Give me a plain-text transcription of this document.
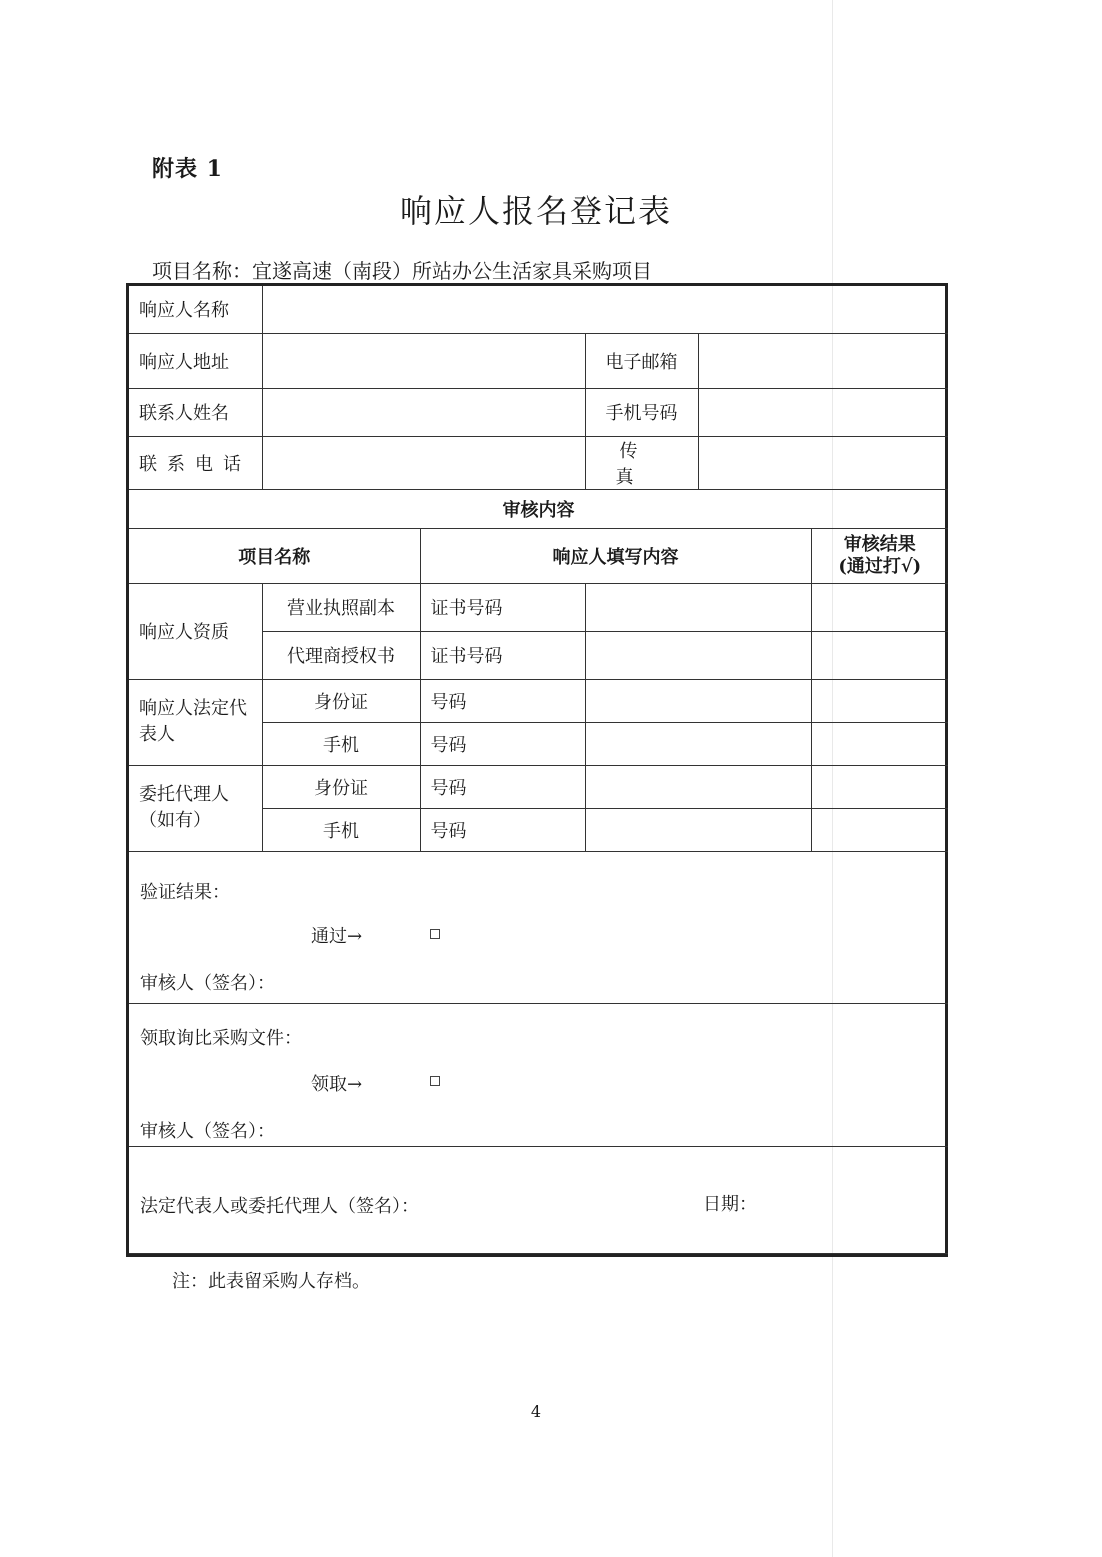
附表 1
响应人报名登记表
项目名称：宜遂高速（南段）所站办公生活家具采购项目
响应人名称					
响应人地址			电子邮箱		
联系人姓名			手机号码		
联系电话			传真		
审核内容					
项目名称		响应人填写内容			审核结果
(通过打√)

响应人资质	营业执照副本	证书号码			
	代理商授权书	证书号码			
响应人法定代表人	身份证	号码			
	手机	号码			
委托代理人（如有）	身份证	号码			
	手机	号码			

验证结果：
通过→
审核人（签名）：					

领取询比采购文件：
领取→
审核人（签名）：					

法定代表人或委托代理人（签名）： 日期：					
注：此表留采购人存档。
4
